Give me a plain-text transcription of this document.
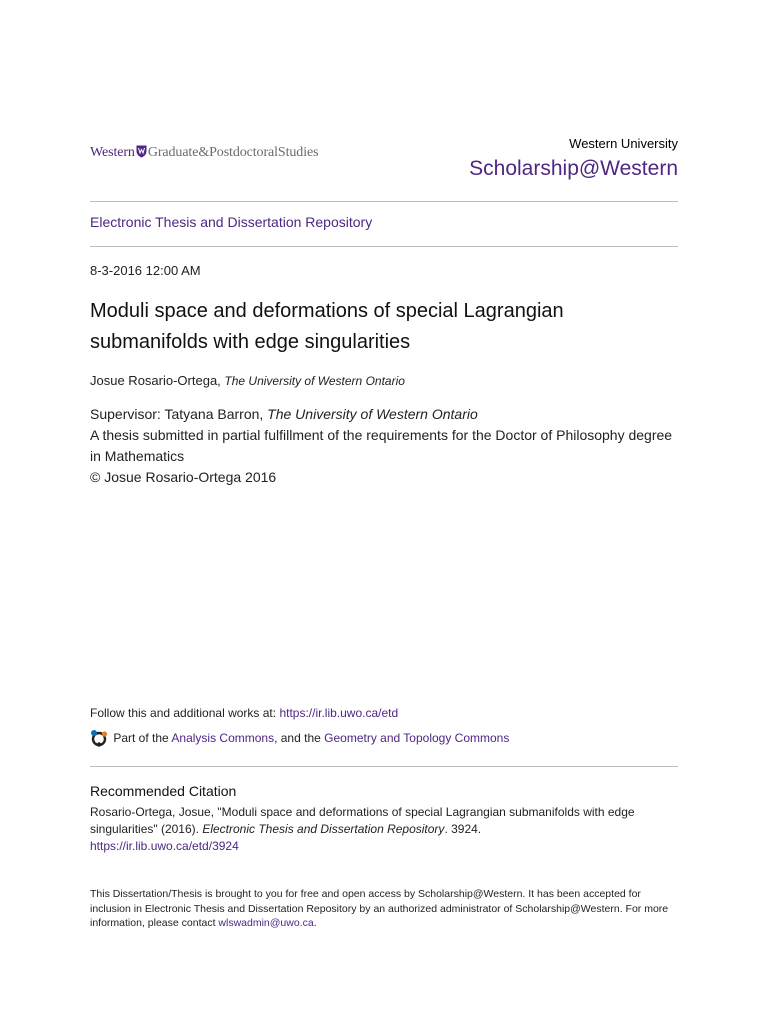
Western Graduate&PostdoctoralStudies
Western University
Scholarship@Western
Electronic Thesis and Dissertation Repository
8-3-2016 12:00 AM
Moduli space and deformations of special Lagrangian submanifolds with edge singularities
Josue Rosario-Ortega, The University of Western Ontario
Supervisor: Tatyana Barron, The University of Western Ontario
A thesis submitted in partial fulfillment of the requirements for the Doctor of Philosophy degree in Mathematics
© Josue Rosario-Ortega 2016
Follow this and additional works at: https://ir.lib.uwo.ca/etd
Part of the Analysis Commons, and the Geometry and Topology Commons
Recommended Citation
Rosario-Ortega, Josue, "Moduli space and deformations of special Lagrangian submanifolds with edge singularities" (2016). Electronic Thesis and Dissertation Repository. 3924.
https://ir.lib.uwo.ca/etd/3924
This Dissertation/Thesis is brought to you for free and open access by Scholarship@Western. It has been accepted for inclusion in Electronic Thesis and Dissertation Repository by an authorized administrator of Scholarship@Western. For more information, please contact wlswadmin@uwo.ca.
